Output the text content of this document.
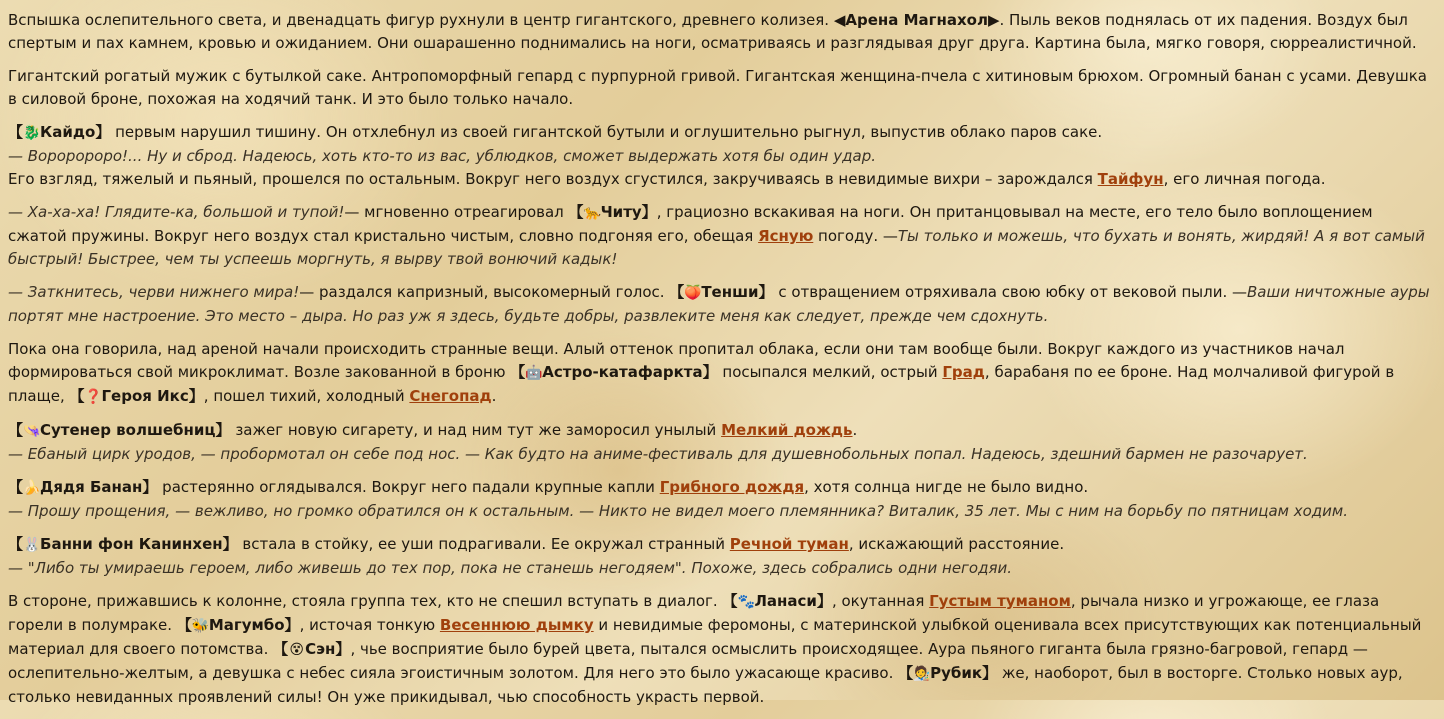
Вспышка ослепительного света, и двенадцать фигур рухнули в центр гигантского, древнего колизея. ◀Арена Магнахол▶. Пыль веков поднялась от их падения. Воздух был спертым и пах камнем, кровью и ожиданием. Они ошарашенно поднимались на ноги, осматриваясь и разглядывая друг друга. Картина была, мягко говоря, сюрреалистичной.

Гигантский рогатый мужик с бутылкой саке. Антропоморфный гепард с пурпурной гривой. Гигантская женщина-пчела с хитиновым брюхом. Огромный банан с усами. Девушка в силовой броне, похожая на ходячий танк. И это было только начало.

【🐉Кайдо】 первым нарушил тишину. Он отхлебнул из своей гигантской бутыли и оглушительно рыгнул, выпустив облако паров саке.
— Вороророро!... Ну и сброд. Надеюсь, хоть кто-то из вас, ублюдков, сможет выдержать хотя бы один удар.
Его взгляд, тяжелый и пьяный, прошелся по остальным. Вокруг него воздух сгустился, закручиваясь в невидимые вихри – зарождался Тайфун, его личная погода.

— Ха-ха-ха! Глядите-ка, большой и тупой!— мгновенно отреагировал 【🐆Читу】, грациозно вскакивая на ноги. Он пританцовывал на месте, его тело было воплощением сжатой пружины. Вокруг него воздух стал кристально чистым, словно подгоняя его, обещая Ясную погоду. —Ты только и можешь, что бухать и вонять, жирдяй! А я вот самый быстрый! Быстрее, чем ты успеешь моргнуть, я вырву твой вонючий кадык!

— Заткнитесь, черви нижнего мира!— раздался капризный, высокомерный голос. 【🍑Тенши】 с отвращением отряхивала свою юбку от вековой пыли. —Ваши ничтожные ауры портят мне настроение. Это место – дыра. Но раз уж я здесь, будьте добры, развлеките меня как следует, прежде чем сдохнуть.

Пока она говорила, над ареной начали происходить странные вещи. Алый оттенок пропитал облака, если они там вообще были. Вокруг каждого из участников начал формироваться свой микроклимат. Возле закованной в броню 【🤖Астро-катафаркта】 посыпался мелкий, острый Град, барабаня по ее броне. Над молчаливой фигурой в плаще, 【❓Героя Икс】, пошел тихий, холодный Снегопад.

【👒Сутенер волшебниц】 зажег новую сигарету, и над ним тут же заморосил унылый Мелкий дождь.
— Ебаный цирк уродов, — пробормотал он себе под нос. — Как будто на аниме-фестиваль для душевнобольных попал. Надеюсь, здешний бармен не разочарует.

【🍌Дядя Банан】 растерянно оглядывался. Вокруг него падали крупные капли Грибного дождя, хотя солнца нигде не было видно.
— Прошу прощения, — вежливо, но громко обратился он к остальным. — Никто не видел моего племянника? Виталик, 35 лет. Мы с ним на борьбу по пятницам ходим.

【🐰Банни фон Канинхен】 встала в стойку, ее уши подрагивали. Ее окружал странный Речной туман, искажающий расстояние.
— "Либо ты умираешь героем, либо живешь до тех пор, пока не станешь негодяем". Похоже, здесь собрались одни негодяи.

В стороне, прижавшись к колонне, стояла группа тех, кто не спешил вступать в диалог. 【🐾Ланаси】, окутанная Густым туманом, рычала низко и угрожающе, ее глаза горели в полумраке. 【🐝Магумбо】, источая тонкую Весеннюю дымку и невидимые феромоны, с материнской улыбкой оценивала всех присутствующих как потенциальный материал для своего потомства. 【😵Сэн】, чье восприятие было бурей цвета, пытался осмыслить происходящее. Аура пьяного гиганта была грязно-багровой, гепард — ослепительно-желтым, а девушка с небес сияла эгоистичным золотом. Для него это было ужасающе красиво. 【🧑‍🎨Рубик】 же, наоборот, был в восторге. Столько новых аур, столько невиданных проявлений силы! Он уже прикидывал, чью способность украсть первой.
